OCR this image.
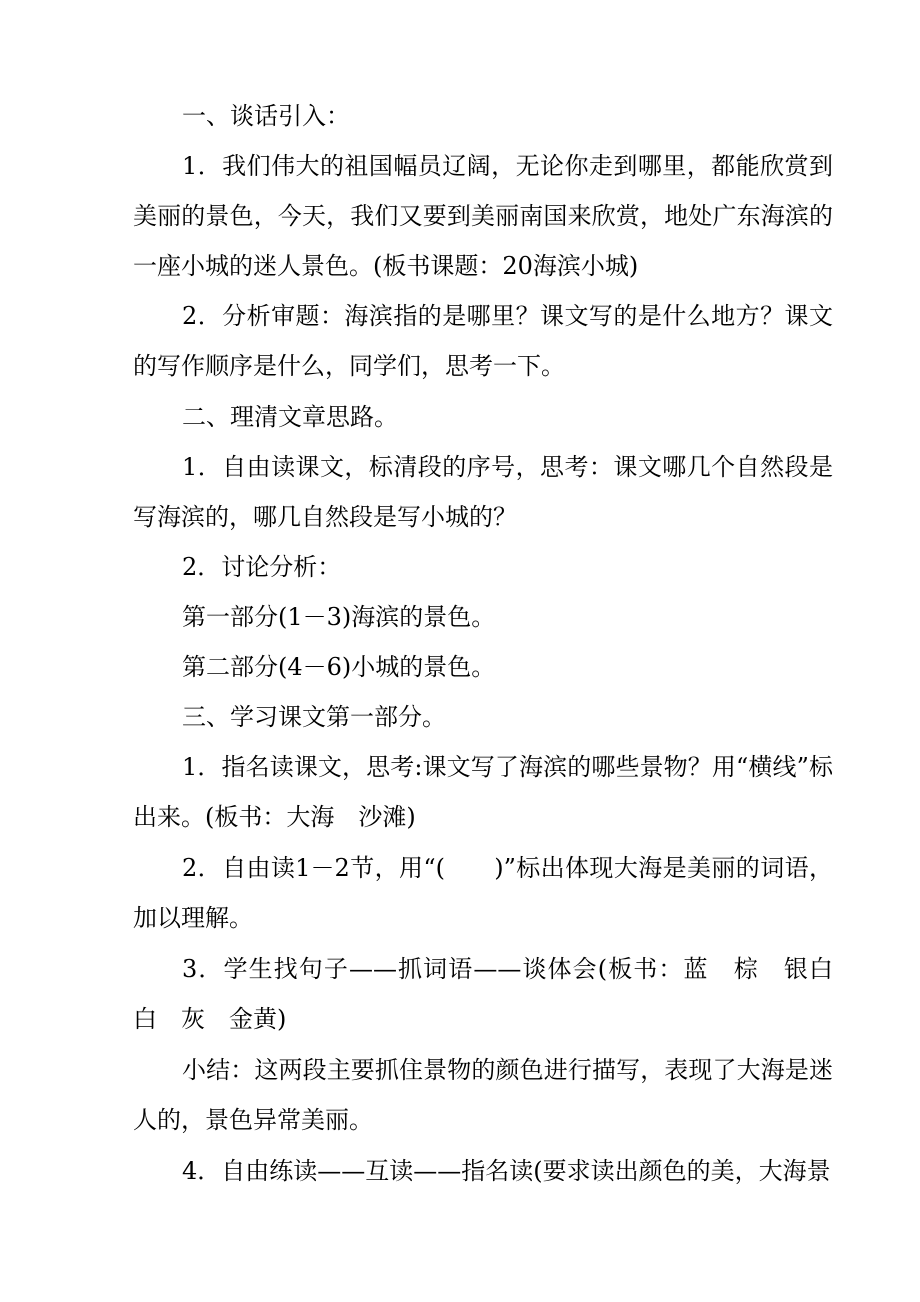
一、谈话引入：

1．我们伟大的祖国幅员辽阔，无论你走到哪里，都能欣赏到美丽的景色，今天，我们又要到美丽南国来欣赏，地处广东海滨的一座小城的迷人景色。(板书课题：20海滨小城)

2．分析审题：海滨指的是哪里？课文写的是什么地方？课文的写作顺序是什么，同学们，思考一下。

二、理清文章思路。

1．自由读课文，标清段的序号，思考：课文哪几个自然段是写海滨的，哪几自然段是写小城的？

2．讨论分析：

第一部分(1－3)海滨的景色。

第二部分(4－6)小城的景色。

三、学习课文第一部分。

1．指名读课文，思考:课文写了海滨的哪些景物？用“横线”标出来。(板书：大海　沙滩)

2．自由读1－2节，用“(　　)”标出体现大海是美丽的词语，加以理解。

3．学生找句子——抓词语——谈体会(板书：蓝　棕　银白　白　灰　金黄)

小结：这两段主要抓住景物的颜色进行描写，表现了大海是迷人的，景色异常美丽。

4．自由练读——互读——指名读(要求读出颜色的美，大海景
